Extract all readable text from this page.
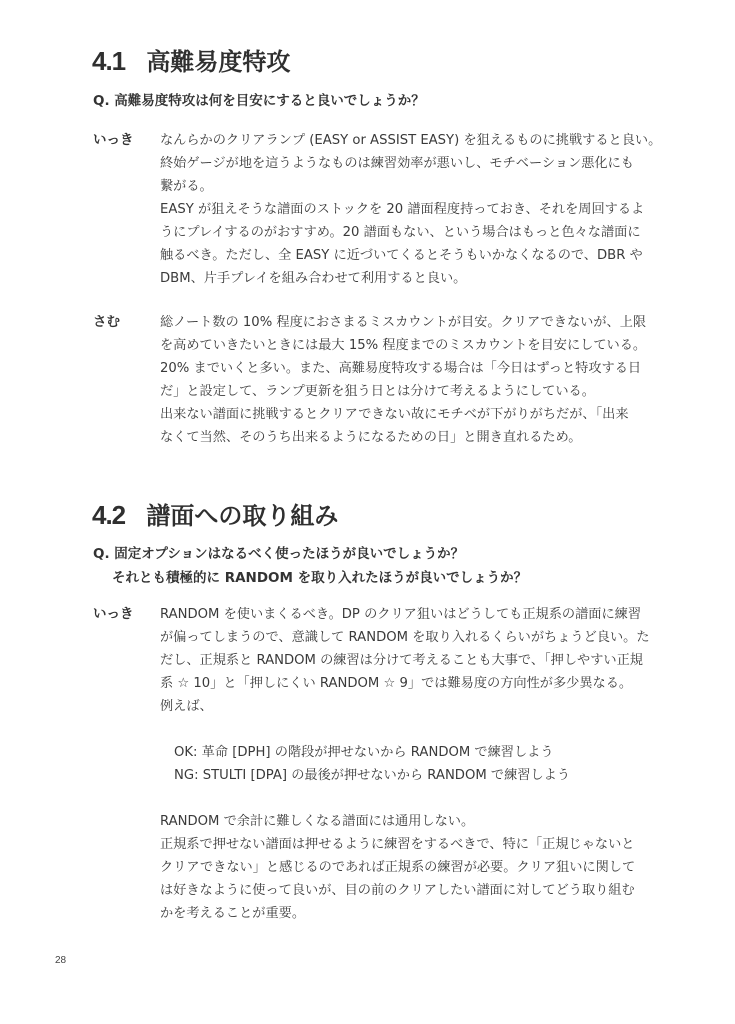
4.1 高難易度特攻
Q. 高難易度特攻は何を目安にすると良いでしょうか？
いっき なんらかのクリアランプ (EASY or ASSIST EASY) を狙えるものに挑戦すると良い。

終始ゲージが地を這うようなものは練習効率が悪いし、モチベーション悪化にも

繋がる。

EASY が狙えそうな譜面のストックを 20 譜面程度持っておき、それを周回するよ

うにプレイするのがおすすめ。20 譜面もない、という場合はもっと色々な譜面に

触るべき。ただし、全 EASY に近づいてくるとそうもいかなくなるので、DBR や

DBM、片手プレイを組み合わせて利用すると良い。

さむ	総ノート数の 10% 程度におさまるミスカウントが目安。クリアできないが、上限

を高めていきたいときには最大 15% 程度までのミスカウントを目安にしている。

20% までいくと多い。また、高難易度特攻する場合は「今日はずっと特攻する日

だ」と設定して、ランプ更新を狙う日とは分けて考えるようにしている。

出来ない譜面に挑戦するとクリアできない故にモチベが下がりがちだが、「出来

なくて当然、そのうち出来るようになるための日」と開き直れるため。

4.2 譜面への取り組み
Q. 固定オプションはなるべく使ったほうが良いでしょうか？
それとも積極的に RANDOM を取り入れたほうが良いでしょうか？
いっき RANDOM を使いまくるべき。DP のクリア狙いはどうしても正規系の譜面に練習

が偏ってしまうので、意識して RANDOM を取り入れるくらいがちょうど良い。た

だし、正規系と RANDOM の練習は分けて考えることも大事で、「押しやすい正規

系 ☆ 10」と「押しにくい RANDOM ☆ 9」では難易度の方向性が多少異なる。

例えば、

OK: 革命 [DPH] の階段が押せないから RANDOM で練習しよう

NG: STULTI [DPA] の最後が押せないから RANDOM で練習しよう

RANDOM で余計に難しくなる譜面には通用しない。

正規系で押せない譜面は押せるように練習をするべきで、特に「正規じゃないと

クリアできない」と感じるのであれば正規系の練習が必要。クリア狙いに関して

は好きなように使って良いが、目の前のクリアしたい譜面に対してどう取り組む

かを考えることが重要。

28
